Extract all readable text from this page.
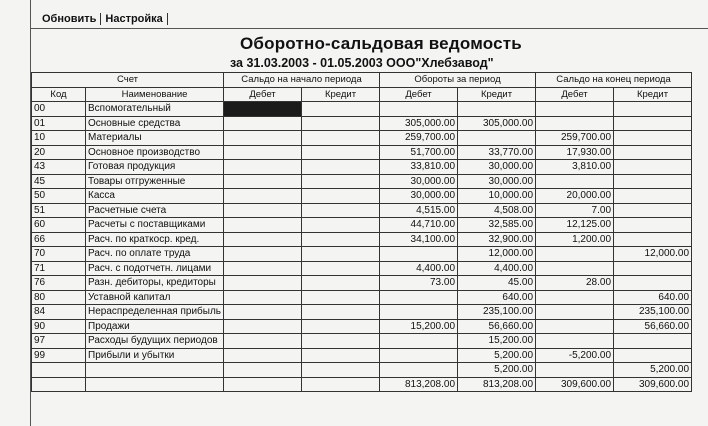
Обновить Настройка
Оборотно-сальдовая ведомость
за 31.03.2003 - 01.05.2003 ООО"Хлебзавод"
Счет		Сальдо на начало периода		Обороты за период		Сальдо на конец периода	
Код	Наименование	Дебет	Кредит	Дебет	Кредит	Дебет	Кредит
00	Вспомогательный						
01	Основные средства			305,000.00	305,000.00		
10	Материалы			259,700.00		259,700.00	
20	Основное производство			51,700.00	33,770.00	17,930.00	
43	Готовая продукция			33,810.00	30,000.00	3,810.00	
45	Товары отгруженные			30,000.00	30,000.00		
50	Касса			30,000.00	10,000.00	20,000.00	
51	Расчетные счета			4,515.00	4,508.00	7.00	
60	Расчеты с поставщиками			44,710.00	32,585.00	12,125.00	
66	Расч. по краткоср. кред.			34,100.00	32,900.00	1,200.00	
70	Расч. по оплате труда				12,000.00		12,000.00
71	Расч. с подотчетн. лицами			4,400.00	4,400.00		
76	Разн. дебиторы, кредиторы			73.00	45.00	28.00	
80	Уставной капитал				640.00		640.00
84	Нераспределенная прибыль				235,100.00		235,100.00
90	Продажи			15,200.00	56,660.00		56,660.00
97	Расходы будущих периодов				15,200.00		
99	Прибыли и убытки				5,200.00	-5,200.00	
					5,200.00		5,200.00
				813,208.00	813,208.00	309,600.00	309,600.00
